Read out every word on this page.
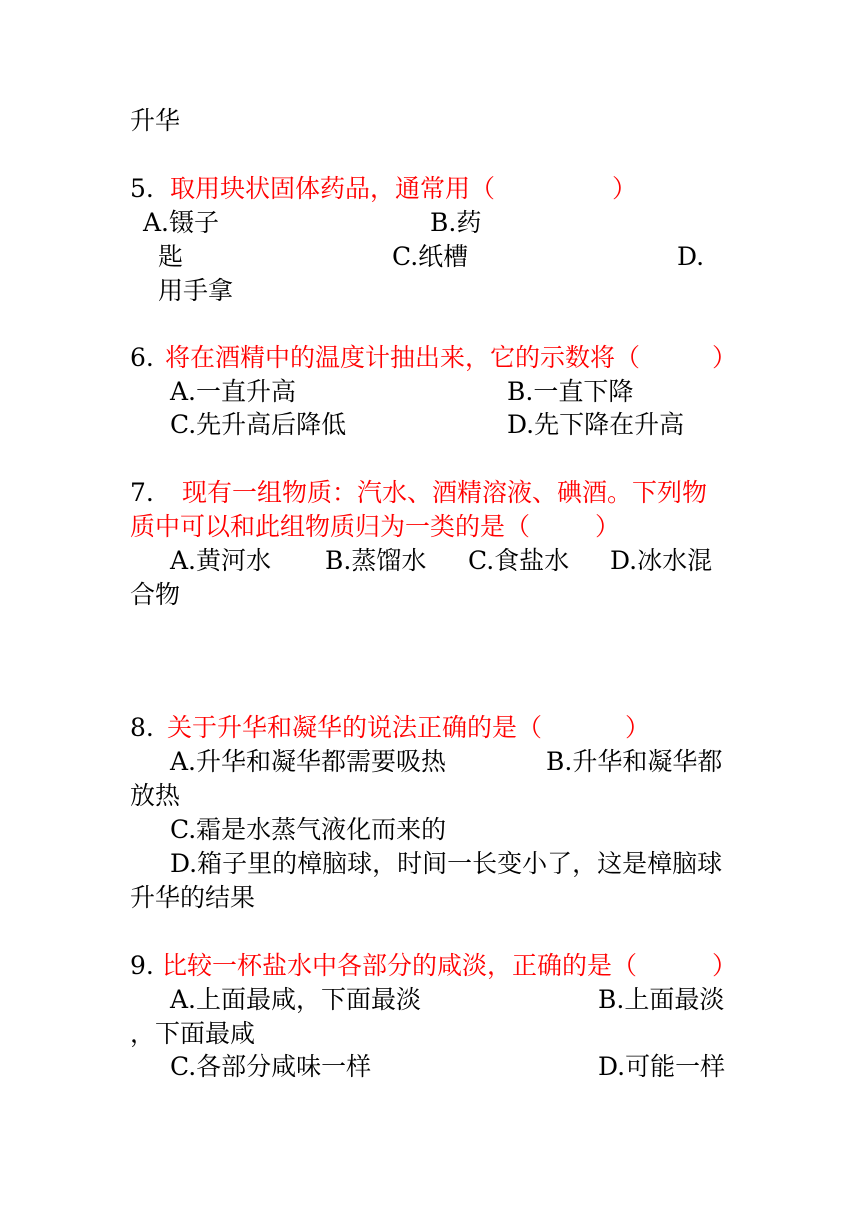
升华
5. 取用块状固体药品，通常用（	）
A.镊子	B.药
匙	C.纸槽	D.
用手拿
6. 将在酒精中的温度计抽出来，它的示数将（	）
A.一直升高	B.一直下降
C.先升高后降低	D.先下降在升高
7. 现有一组物质：汽水、酒精溶液、碘酒。下列物
质中可以和此组物质归为一类的是（	）
A.黄河水 B.蒸馏水 C.食盐水 D.冰水混
合物
8. 关于升华和凝华的说法正确的是（	）
A.升华和凝华都需要吸热	B.升华和凝华都
放热
C.霜是水蒸气液化而来的
D.箱子里的樟脑球，时间一长变小了，这是樟脑球
升华的结果
9. 比较一杯盐水中各部分的咸淡，正确的是（	）
A.上面最咸，下面最淡	B.上面最淡
，下面最咸
C.各部分咸味一样	D.可能一样
